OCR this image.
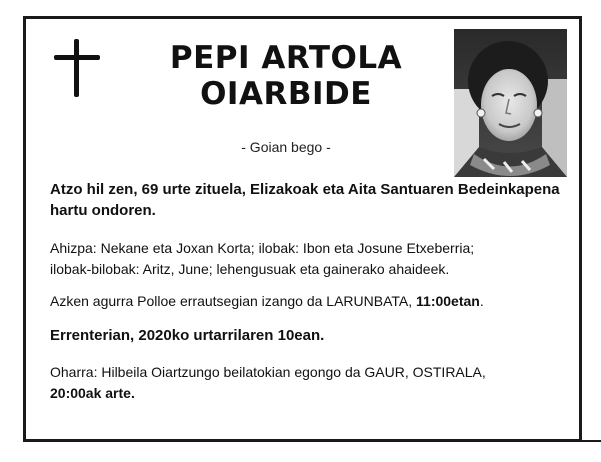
PEPI ARTOLA
OIARBIDE
- Goian bego -
Atzo hil zen, 69 urte zituela, Elizakoak eta Aita Santuaren Bedeinkapena hartu ondoren.
Ahizpa: Nekane eta Joxan Korta; ilobak: Ibon eta Josune Etxeberria;
ilobak-bilobak: Aritz, June; lehengusuak eta gainerako ahaideek.
Azken agurra Polloe errautsegian izango da LARUNBATA, 11:00etan.
Errenterian, 2020ko urtarrilaren 10ean.
Oharra: Hilbeila Oiartzungo beilatokian egongo da GAUR, OSTIRALA,
20:00ak arte.
